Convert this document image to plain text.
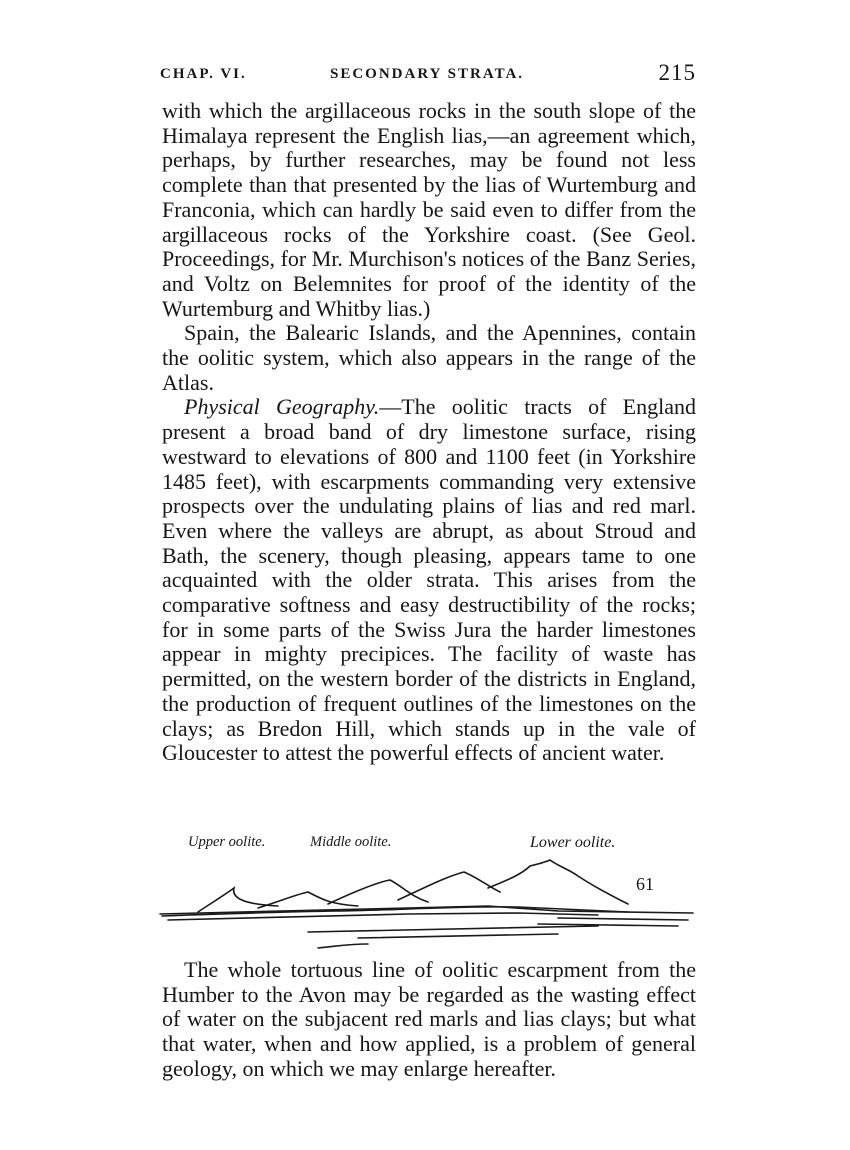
CHAP. VI.	SECONDARY STRATA.	215

with which the argillaceous rocks in the south slope of the Himalaya represent the English lias,—an agreement which, perhaps, by further researches, may be found not less complete than that presented by the lias of Wurtemburg and Franconia, which can hardly be said even to differ from the argillaceous rocks of the Yorkshire coast. (See Geol. Proceedings, for Mr. Murchison's notices of the Banz Series, and Voltz on Belemnites for proof of the identity of the Wurtemburg and Whitby lias.)

Spain, the Balearic Islands, and the Apennines, contain the oolitic system, which also appears in the range of the Atlas.

Physical Geography.—The oolitic tracts of England present a broad band of dry limestone surface, rising westward to elevations of 800 and 1100 feet (in Yorkshire 1485 feet), with escarpments commanding very extensive prospects over the undulating plains of lias and red marl. Even where the valleys are abrupt, as about Stroud and Bath, the scenery, though pleasing, appears tame to one acquainted with the older strata. This arises from the comparative softness and easy destructibility of the rocks; for in some parts of the Swiss Jura the harder limestones appear in mighty precipices. The facility of waste has permitted, on the western border of the districts in England, the production of frequent outlines of the limestones on the clays; as Bredon Hill, which stands up in the vale of Gloucester to attest the powerful effects of ancient water.

Upper oolite.	Middle oolite.	Lower oolite.
61

The whole tortuous line of oolitic escarpment from the Humber to the Avon may be regarded as the wasting effect of water on the subjacent red marls and lias clays; but what that water, when and how applied, is a problem of general geology, on which we may enlarge hereafter.
